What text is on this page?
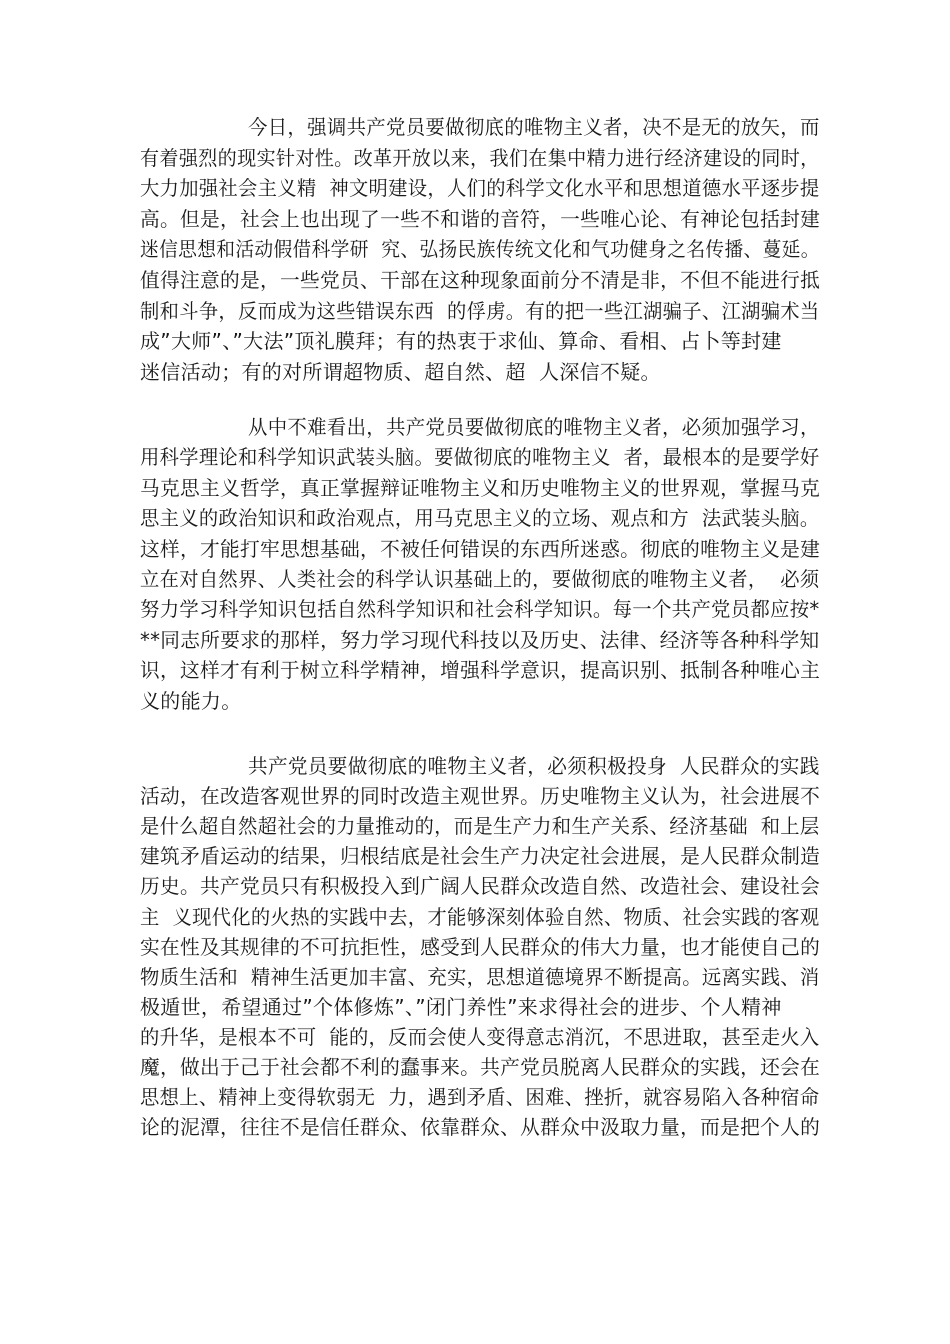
今日，强调共产党员要做彻底的唯物主义者，决不是无的放矢，而
有着强烈的现实针对性。改革开放以来，我们在集中精力进行经济建设的同时，
大力加强社会主义精  神文明建设，人们的科学文化水平和思想道德水平逐步提
高。但是，社会上也出现了一些不和谐的音符，一些唯心论、有神论包括封建
迷信思想和活动假借科学研  究、弘扬民族传统文化和气功健身之名传播、蔓延。
值得注意的是，一些党员、干部在这种现象面前分不清是非，不但不能进行抵
制和斗争，反而成为这些错误东西  的俘虏。有的把一些江湖骗子、江湖骗术当
成”大师”、”大法”顶礼膜拜；有的热衷于求仙、算命、看相、占卜等封建
迷信活动；有的对所谓超物质、超自然、超  人深信不疑。
从中不难看出，共产党员要做彻底的唯物主义者，必须加强学习，
用科学理论和科学知识武装头脑。要做彻底的唯物主义  者，最根本的是要学好
马克思主义哲学，真正掌握辩证唯物主义和历史唯物主义的世界观，掌握马克
思主义的政治知识和政治观点，用马克思主义的立场、观点和方  法武装头脑。
这样，才能打牢思想基础，不被任何错误的东西所迷惑。彻底的唯物主义是建
立在对自然界、人类社会的科学认识基础上的，要做彻底的唯物主义者，  必须
努力学习科学知识包括自然科学知识和社会科学知识。每一个共产党员都应按*
**同志所要求的那样，努力学习现代科技以及历史、法律、经济等各种科学知
识，这样才有利于树立科学精神，增强科学意识，提高识别、抵制各种唯心主
义的能力。
共产党员要做彻底的唯物主义者，必须积极投身  人民群众的实践
活动，在改造客观世界的同时改造主观世界。历史唯物主义认为，社会进展不
是什么超自然超社会的力量推动的，而是生产力和生产关系、经济基础  和上层
建筑矛盾运动的结果，归根结底是社会生产力决定社会进展，是人民群众制造
历史。共产党员只有积极投入到广阔人民群众改造自然、改造社会、建设社会
主  义现代化的火热的实践中去，才能够深刻体验自然、物质、社会实践的客观
实在性及其规律的不可抗拒性，感受到人民群众的伟大力量，也才能使自己的
物质生活和  精神生活更加丰富、充实，思想道德境界不断提高。远离实践、消
极遁世，希望通过”个体修炼”、”闭门养性”来求得社会的进步、个人精神
的升华，是根本不可  能的，反而会使人变得意志消沉，不思进取，甚至走火入
魔，做出于己于社会都不利的蠢事来。共产党员脱离人民群众的实践，还会在
思想上、精神上变得软弱无  力，遇到矛盾、困难、挫折，就容易陷入各种宿命
论的泥潭，往往不是信任群众、依靠群众、从群众中汲取力量，而是把个人的
